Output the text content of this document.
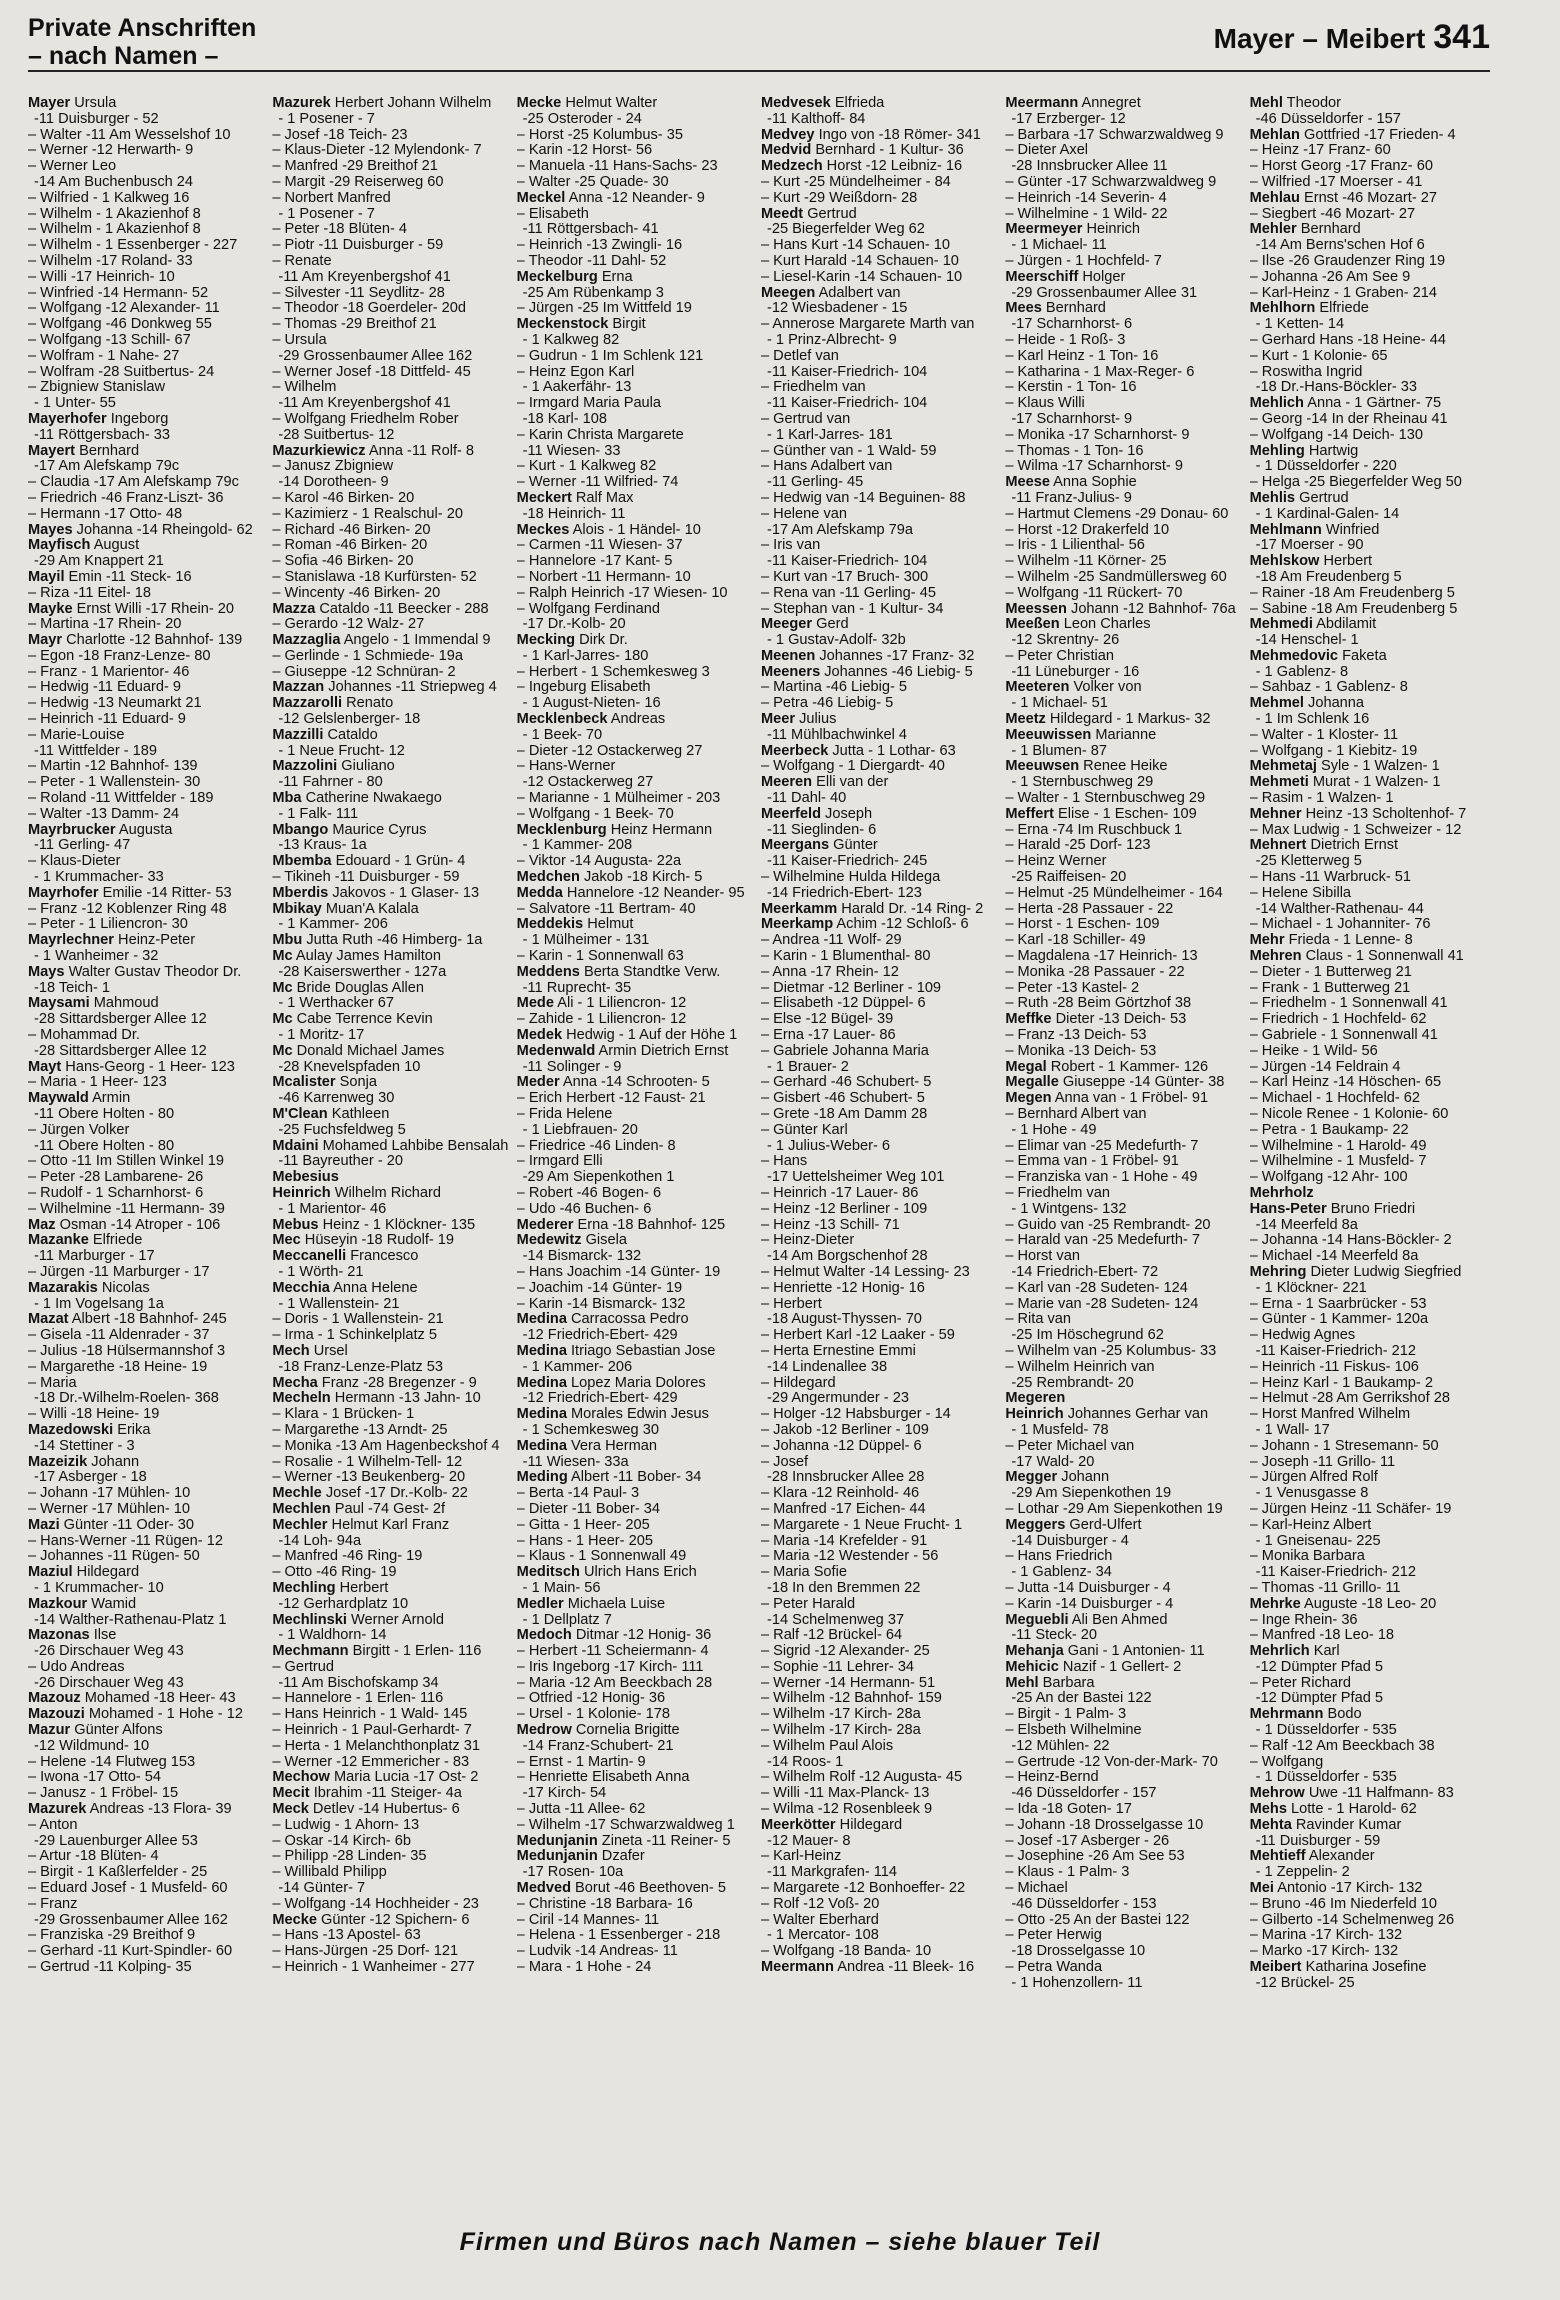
Private Anschriften
– nach Namen –
Mayer – Meibert 341
Mayer Ursula
-11 Duisburger - 52
– Walter -11 Am Wesselshof 10
– Werner -12 Herwarth- 9
– Werner Leo
-14 Am Buchenbusch 24
– Wilfried - 1 Kalkweg 16
– Wilhelm - 1 Akazienhof 8
– Wilhelm - 1 Akazienhof 8
– Wilhelm - 1 Essenberger - 227
– Wilhelm -17 Roland- 33
– Willi -17 Heinrich- 10
– Winfried -14 Hermann- 52
– Wolfgang -12 Alexander- 11
– Wolfgang -46 Donkweg 55
– Wolfgang -13 Schill- 67
– Wolfram - 1 Nahe- 27
– Wolfram -28 Suitbertus- 24
– Zbigniew Stanislaw
- 1 Unter- 55
Mayerhofer Ingeborg
-11 Röttgersbach- 33
Mayert Bernhard
-17 Am Alefskamp 79c
– Claudia -17 Am Alefskamp 79c
– Friedrich -46 Franz-Liszt- 36
– Hermann -17 Otto- 48
Mayes Johanna -14 Rheingold- 62
Mayfisch August
-29 Am Knappert 21
Mayil Emin -11 Steck- 16
– Riza -11 Eitel- 18
Mayke Ernst Willi -17 Rhein- 20
– Martina -17 Rhein- 20
Mayr Charlotte -12 Bahnhof- 139
– Egon -18 Franz-Lenze- 80
– Franz - 1 Marientor- 46
– Hedwig -11 Eduard- 9
– Hedwig -13 Neumarkt 21
– Heinrich -11 Eduard- 9
– Marie-Louise
-11 Wittfelder - 189
– Martin -12 Bahnhof- 139
– Peter - 1 Wallenstein- 30
– Roland -11 Wittfelder - 189
– Walter -13 Damm- 24
Mayrbrucker Augusta
-11 Gerling- 47
– Klaus-Dieter
- 1 Krummacher- 33
Mayrhofer Emilie -14 Ritter- 53
– Franz -12 Koblenzer Ring 48
– Peter - 1 Liliencron- 30
Mayrlechner Heinz-Peter
- 1 Wanheimer - 32
Mays Walter Gustav Theodor Dr.
-18 Teich- 1
Maysami Mahmoud
-28 Sittardsberger Allee 12
– Mohammad Dr.
-28 Sittardsberger Allee 12
Mayt Hans-Georg - 1 Heer- 123
– Maria - 1 Heer- 123
Maywald Armin
-11 Obere Holten - 80
– Jürgen Volker
-11 Obere Holten - 80
– Otto -11 Im Stillen Winkel 19
– Peter -28 Lambarene- 26
– Rudolf - 1 Scharnhorst- 6
– Wilhelmine -11 Hermann- 39
Maz Osman -14 Atroper - 106
Mazanke Elfriede
-11 Marburger - 17
– Jürgen -11 Marburger - 17
Mazarakis Nicolas
- 1 Im Vogelsang 1a
Mazat Albert -18 Bahnhof- 245
– Gisela -11 Aldenrader - 37
– Julius -18 Hülsermannshof 3
– Margarethe -18 Heine- 19
– Maria
-18 Dr.-Wilhelm-Roelen- 368
– Willi -18 Heine- 19
Mazedowski Erika
-14 Stettiner - 3
Mazeizik Johann
-17 Asberger - 18
– Johann -17 Mühlen- 10
– Werner -17 Mühlen- 10
Mazi Günter -11 Oder- 30
– Hans-Werner -11 Rügen- 12
– Johannes -11 Rügen- 50
Maziul Hildegard
- 1 Krummacher- 10
Mazkour Wamid
-14 Walther-Rathenau-Platz 1
Mazonas Ilse
-26 Dirschauer Weg 43
– Udo Andreas
-26 Dirschauer Weg 43
Mazouz Mohamed -18 Heer- 43
Mazouzi Mohamed - 1 Hohe - 12
Mazur Günter Alfons
-12 Wildmund- 10
– Helene -14 Flutweg 153
– Iwona -17 Otto- 54
– Janusz - 1 Fröbel- 15
Mazurek Andreas -13 Flora- 39
– Anton
-29 Lauenburger Allee 53
– Artur -18 Blüten- 4
– Birgit - 1 Kaßlerfelder - 25
– Eduard Josef - 1 Musfeld- 60
– Franz
-29 Grossenbaumer Allee 162
– Franziska -29 Breithof 9
– Gerhard -11 Kurt-Spindler- 60
– Gertrud -11 Kolping- 35
Mazurek Herbert Johann Wilhelm
- 1 Posener - 7
– Josef -18 Teich- 23
– Klaus-Dieter -12 Mylendonk- 7
– Manfred -29 Breithof 21
– Margit -29 Reiserweg 60
– Norbert Manfred
- 1 Posener - 7
– Peter -18 Blüten- 4
– Piotr -11 Duisburger - 59
– Renate
-11 Am Kreyenbergshof 41
– Silvester -11 Seydlitz- 28
– Theodor -18 Goerdeler- 20d
– Thomas -29 Breithof 21
– Ursula
-29 Grossenbaumer Allee 162
– Werner Josef -18 Dittfeld- 45
– Wilhelm
-11 Am Kreyenbergshof 41
– Wolfgang Friedhelm Rober
-28 Suitbertus- 12
Mazurkiewicz Anna -11 Rolf- 8
– Janusz Zbigniew
-14 Dorotheen- 9
– Karol -46 Birken- 20
– Kazimierz - 1 Realschul- 20
– Richard -46 Birken- 20
– Roman -46 Birken- 20
– Sofia -46 Birken- 20
– Stanislawa -18 Kurfürsten- 52
– Wincenty -46 Birken- 20
Mazza Cataldo -11 Beecker - 288
– Gerardo -12 Walz- 27
Mazzaglia Angelo - 1 Immendal 9
– Gerlinde - 1 Schmiede- 19a
– Giuseppe -12 Schnüran- 2
Mazzan Johannes -11 Striepweg 4
Mazzarolli Renato
-12 Gelslenberger- 18
Mazzilli Cataldo
- 1 Neue Frucht- 12
Mazzolini Giuliano
-11 Fahrner - 80
Mba Catherine Nwakaego
- 1 Falk- 111
Mbango Maurice Cyrus
-13 Kraus- 1a
Mbemba Edouard - 1 Grün- 4
– Tikineh -11 Duisburger - 59
Mberdis Jakovos - 1 Glaser- 13
Mbikay Muan'A Kalala
- 1 Kammer- 206
Mbu Jutta Ruth -46 Himberg- 1a
Mc Aulay James Hamilton
-28 Kaiserswerther - 127a
Mc Bride Douglas Allen
- 1 Werthacker 67
Mc Cabe Terrence Kevin
- 1 Moritz- 17
Mc Donald Michael James
-28 Knevelspfaden 10
Mcalister Sonja
-46 Karrenweg 30
M'Clean Kathleen
-25 Fuchsfeldweg 5
Mdaini Mohamed Lahbibe Bensalah
-11 Bayreuther - 20
Mebesius
Heinrich Wilhelm Richard
- 1 Marientor- 46
Mebus Heinz - 1 Klöckner- 135
Mec Hüseyin -18 Rudolf- 19
Meccanelli Francesco
- 1 Wörth- 21
Mecchia Anna Helene
- 1 Wallenstein- 21
– Doris - 1 Wallenstein- 21
– Irma - 1 Schinkelplatz 5
Mech Ursel
-18 Franz-Lenze-Platz 53
Mecha Franz -28 Bregenzer - 9
Mecheln Hermann -13 Jahn- 10
– Klara - 1 Brücken- 1
– Margarethe -13 Arndt- 25
– Monika -13 Am Hagenbeckshof 4
– Rosalie - 1 Wilhelm-Tell- 12
– Werner -13 Beukenberg- 20
Mechle Josef -17 Dr.-Kolb- 22
Mechlen Paul -74 Gest- 2f
Mechler Helmut Karl Franz
-14 Loh- 94a
– Manfred -46 Ring- 19
– Otto -46 Ring- 19
Mechling Herbert
-12 Gerhardplatz 10
Mechlinski Werner Arnold
- 1 Waldhorn- 14
Mechmann Birgitt - 1 Erlen- 116
– Gertrud
-11 Am Bischofskamp 34
– Hannelore - 1 Erlen- 116
– Hans Heinrich - 1 Wald- 145
– Heinrich - 1 Paul-Gerhardt- 7
– Herta - 1 Melanchthonplatz 31
– Werner -12 Emmericher - 83
Mechow Maria Lucia -17 Ost- 2
Mecit Ibrahim -11 Steiger- 4a
Meck Detlev -14 Hubertus- 6
– Ludwig - 1 Ahorn- 13
– Oskar -14 Kirch- 6b
– Philipp -28 Linden- 35
– Willibald Philipp
-14 Günter- 7
– Wolfgang -14 Hochheider - 23
Mecke Günter -12 Spichern- 6
– Hans -13 Apostel- 63
– Hans-Jürgen -25 Dorf- 121
– Heinrich - 1 Wanheimer - 277
Mecke Helmut Walter
-25 Osteroder - 24
– Horst -25 Kolumbus- 35
– Karin -12 Horst- 56
– Manuela -11 Hans-Sachs- 23
– Walter -25 Quade- 30
Meckel Anna -12 Neander- 9
– Elisabeth
-11 Röttgersbach- 41
– Heinrich -13 Zwingli- 16
– Theodor -11 Dahl- 52
Meckelburg Erna
-25 Am Rübenkamp 3
– Jürgen -25 Im Wittfeld 19
Meckenstock Birgit
- 1 Kalkweg 82
– Gudrun - 1 Im Schlenk 121
– Heinz Egon Karl
- 1 Aakerfähr- 13
– Irmgard Maria Paula
-18 Karl- 108
– Karin Christa Margarete
-11 Wiesen- 33
– Kurt - 1 Kalkweg 82
– Werner -11 Wilfried- 74
Meckert Ralf Max
-18 Heinrich- 11
Meckes Alois - 1 Händel- 10
– Carmen -11 Wiesen- 37
– Hannelore -17 Kant- 5
– Norbert -11 Hermann- 10
– Ralph Heinrich -17 Wiesen- 10
– Wolfgang Ferdinand
-17 Dr.-Kolb- 20
Mecking Dirk Dr.
- 1 Karl-Jarres- 180
– Herbert - 1 Schemkesweg 3
– Ingeburg Elisabeth
- 1 August-Nieten- 16
Mecklenbeck Andreas
- 1 Beek- 70
– Dieter -12 Ostackerweg 27
– Hans-Werner
-12 Ostackerweg 27
– Marianne - 1 Mülheimer - 203
– Wolfgang - 1 Beek- 70
Mecklenburg Heinz Hermann
- 1 Kammer- 208
– Viktor -14 Augusta- 22a
Medchen Jakob -18 Kirch- 5
Medda Hannelore -12 Neander- 95
– Salvatore -11 Bertram- 40
Meddekis Helmut
- 1 Mülheimer - 131
– Karin - 1 Sonnenwall 63
Meddens Berta Standtke Verw.
-11 Ruprecht- 35
Mede Ali - 1 Liliencron- 12
– Zahide - 1 Liliencron- 12
Medek Hedwig - 1 Auf der Höhe 1
Medenwald Armin Dietrich Ernst
-11 Solinger - 9
Meder Anna -14 Schrooten- 5
– Erich Herbert -12 Faust- 21
– Frida Helene
- 1 Liebfrauen- 20
– Friedrice -46 Linden- 8
– Irmgard Elli
-29 Am Siepenkothen 1
– Robert -46 Bogen- 6
– Udo -46 Buchen- 6
Mederer Erna -18 Bahnhof- 125
Medewitz Gisela
-14 Bismarck- 132
– Hans Joachim -14 Günter- 19
– Joachim -14 Günter- 19
– Karin -14 Bismarck- 132
Medina Carracossa Pedro
-12 Friedrich-Ebert- 429
Medina Itriago Sebastian Jose
- 1 Kammer- 206
Medina Lopez Maria Dolores
-12 Friedrich-Ebert- 429
Medina Morales Edwin Jesus
- 1 Schemkesweg 30
Medina Vera Herman
-11 Wiesen- 33a
Meding Albert -11 Bober- 34
– Berta -14 Paul- 3
– Dieter -11 Bober- 34
– Gitta - 1 Heer- 205
– Hans - 1 Heer- 205
– Klaus - 1 Sonnenwall 49
Meditsch Ulrich Hans Erich
- 1 Main- 56
Medler Michaela Luise
- 1 Dellplatz 7
Medoch Ditmar -12 Honig- 36
– Herbert -11 Scheiermann- 4
– Iris Ingeborg -17 Kirch- 111
– Maria -12 Am Beeckbach 28
– Otfried -12 Honig- 36
– Ursel - 1 Kolonie- 178
Medrow Cornelia Brigitte
-14 Franz-Schubert- 21
– Ernst - 1 Martin- 9
– Henriette Elisabeth Anna
-17 Kirch- 54
– Jutta -11 Allee- 62
– Wilhelm -17 Schwarzwaldweg 1
Medunjanin Zineta -11 Reiner- 5
Medunjanin Dzafer
-17 Rosen- 10a
Medved Borut -46 Beethoven- 5
– Christine -18 Barbara- 16
– Ciril -14 Mannes- 11
– Helena - 1 Essenberger - 218
– Ludvik -14 Andreas- 11
– Mara - 1 Hohe - 24
Medvesek Elfrieda
-11 Kalthoff- 84
Medvey Ingo von -18 Römer- 341
Medvid Bernhard - 1 Kultur- 36
Medzech Horst -12 Leibniz- 16
– Kurt -25 Mündelheimer - 84
– Kurt -29 Weißdorn- 28
Meedt Gertrud
-25 Biegerfelder Weg 62
– Hans Kurt -14 Schauen- 10
– Kurt Harald -14 Schauen- 10
– Liesel-Karin -14 Schauen- 10
Meegen Adalbert van
-12 Wiesbadener - 15
– Annerose Margarete Marth van
- 1 Prinz-Albrecht- 9
– Detlef van
-11 Kaiser-Friedrich- 104
– Friedhelm van
-11 Kaiser-Friedrich- 104
– Gertrud van
- 1 Karl-Jarres- 181
– Günther van - 1 Wald- 59
– Hans Adalbert van
-11 Gerling- 45
– Hedwig van -14 Beguinen- 88
– Helene van
-17 Am Alefskamp 79a
– Iris van
-11 Kaiser-Friedrich- 104
– Kurt van -17 Bruch- 300
– Rena van -11 Gerling- 45
– Stephan van - 1 Kultur- 34
Meeger Gerd
- 1 Gustav-Adolf- 32b
Meenen Johannes -17 Franz- 32
Meeners Johannes -46 Liebig- 5
– Martina -46 Liebig- 5
– Petra -46 Liebig- 5
Meer Julius
-11 Mühlbachwinkel 4
Meerbeck Jutta - 1 Lothar- 63
– Wolfgang - 1 Diergardt- 40
Meeren Elli van der
-11 Dahl- 40
Meerfeld Joseph
-11 Sieglinden- 6
Meergans Günter
-11 Kaiser-Friedrich- 245
– Wilhelmine Hulda Hildega
-14 Friedrich-Ebert- 123
Meerkamm Harald Dr. -14 Ring- 2
Meerkamp Achim -12 Schloß- 6
– Andrea -11 Wolf- 29
– Karin - 1 Blumenthal- 80
– Anna -17 Rhein- 12
– Dietmar -12 Berliner - 109
– Elisabeth -12 Düppel- 6
– Else -12 Bügel- 39
– Erna -17 Lauer- 86
– Gabriele Johanna Maria
- 1 Brauer- 2
– Gerhard -46 Schubert- 5
– Gisbert -46 Schubert- 5
– Grete -18 Am Damm 28
– Günter Karl
- 1 Julius-Weber- 6
– Hans
-17 Uettelsheimer Weg 101
– Heinrich -17 Lauer- 86
– Heinz -12 Berliner - 109
– Heinz -13 Schill- 71
– Heinz-Dieter
-14 Am Borgschenhof 28
– Helmut Walter -14 Lessing- 23
– Henriette -12 Honig- 16
– Herbert
-18 August-Thyssen- 70
– Herbert Karl -12 Laaker - 59
– Herta Ernestine Emmi
-14 Lindenallee 38
– Hildegard
-29 Angermunder - 23
– Holger -12 Habsburger - 14
– Jakob -12 Berliner - 109
– Johanna -12 Düppel- 6
– Josef
-28 Innsbrucker Allee 28
– Klara -12 Reinhold- 46
– Manfred -17 Eichen- 44
– Margarete - 1 Neue Frucht- 1
– Maria -14 Krefelder - 91
– Maria -12 Westender - 56
– Maria Sofie
-18 In den Bremmen 22
– Peter Harald
-14 Schelmenweg 37
– Ralf -12 Brückel- 64
– Sigrid -12 Alexander- 25
– Sophie -11 Lehrer- 34
– Werner -14 Hermann- 51
– Wilhelm -12 Bahnhof- 159
– Wilhelm -17 Kirch- 28a
– Wilhelm -17 Kirch- 28a
– Wilhelm Paul Alois
-14 Roos- 1
– Wilhelm Rolf -12 Augusta- 45
– Willi -11 Max-Planck- 13
– Wilma -12 Rosenbleek 9
Meerkötter Hildegard
-12 Mauer- 8
– Karl-Heinz
-11 Markgrafen- 114
– Margarete -12 Bonhoeffer- 22
– Rolf -12 Voß- 20
– Walter Eberhard
- 1 Mercator- 108
– Wolfgang -18 Banda- 10
Meermann Andrea -11 Bleek- 16
Meermann Annegret
-17 Erzberger- 12
– Barbara -17 Schwarzwaldweg 9
– Dieter Axel
-28 Innsbrucker Allee 11
– Günter -17 Schwarzwaldweg 9
– Heinrich -14 Severin- 4
– Wilhelmine - 1 Wild- 22
Meermeyer Heinrich
- 1 Michael- 11
– Jürgen - 1 Hochfeld- 7
Meerschiff Holger
-29 Grossenbaumer Allee 31
Mees Bernhard
-17 Scharnhorst- 6
– Heide - 1 Roß- 3
– Karl Heinz - 1 Ton- 16
– Katharina - 1 Max-Reger- 6
– Kerstin - 1 Ton- 16
– Klaus Willi
-17 Scharnhorst- 9
– Monika -17 Scharnhorst- 9
– Thomas - 1 Ton- 16
– Wilma -17 Scharnhorst- 9
Meese Anna Sophie
-11 Franz-Julius- 9
– Hartmut Clemens -29 Donau- 60
– Horst -12 Drakerfeld 10
– Iris - 1 Lilienthal- 56
– Wilhelm -11 Körner- 25
– Wilhelm -25 Sandmüllersweg 60
– Wolfgang -11 Rückert- 70
Meessen Johann -12 Bahnhof- 76a
Meeßen Leon Charles
-12 Skrentny- 26
– Peter Christian
-11 Lüneburger - 16
Meeteren Volker von
- 1 Michael- 51
Meetz Hildegard - 1 Markus- 32
Meeuwissen Marianne
- 1 Blumen- 87
Meeuwsen Renee Heike
- 1 Sternbuschweg 29
– Walter - 1 Sternbuschweg 29
Meffert Elise - 1 Eschen- 109
– Erna -74 Im Ruschbuck 1
– Harald -25 Dorf- 123
– Heinz Werner
-25 Raiffeisen- 20
– Helmut -25 Mündelheimer - 164
– Herta -28 Passauer - 22
– Horst - 1 Eschen- 109
– Karl -18 Schiller- 49
– Magdalena -17 Heinrich- 13
– Monika -28 Passauer - 22
– Peter -13 Kastel- 2
– Ruth -28 Beim Görtzhof 38
Meffke Dieter -13 Deich- 53
– Franz -13 Deich- 53
– Monika -13 Deich- 53
Megal Robert - 1 Kammer- 126
Megalle Giuseppe -14 Günter- 38
Megen Anna van - 1 Fröbel- 91
– Bernhard Albert van
- 1 Hohe - 49
– Elimar van -25 Medefurth- 7
– Emma van - 1 Fröbel- 91
– Franziska van - 1 Hohe - 49
– Friedhelm van
- 1 Wintgens- 132
– Guido van -25 Rembrandt- 20
– Harald van -25 Medefurth- 7
– Horst van
-14 Friedrich-Ebert- 72
– Karl van -28 Sudeten- 124
– Marie van -28 Sudeten- 124
– Rita van
-25 Im Höschegrund 62
– Wilhelm van -25 Kolumbus- 33
– Wilhelm Heinrich van
-25 Rembrandt- 20
Megeren
Heinrich Johannes Gerhar van
- 1 Musfeld- 78
– Peter Michael van
-17 Wald- 20
Megger Johann
-29 Am Siepenkothen 19
– Lothar -29 Am Siepenkothen 19
Meggers Gerd-Ulfert
-14 Duisburger - 4
– Hans Friedrich
- 1 Gablenz- 34
– Jutta -14 Duisburger - 4
– Karin -14 Duisburger - 4
Meguebli Ali Ben Ahmed
-11 Steck- 20
Mehanja Gani - 1 Antonien- 11
Mehicic Nazif - 1 Gellert- 2
Mehl Barbara
-25 An der Bastei 122
– Birgit - 1 Palm- 3
– Elsbeth Wilhelmine
-12 Mühlen- 22
– Gertrude -12 Von-der-Mark- 70
– Heinz-Bernd
-46 Düsseldorfer - 157
– Ida -18 Goten- 17
– Johann -18 Drosselgasse 10
– Josef -17 Asberger - 26
– Josephine -26 Am See 53
– Klaus - 1 Palm- 3
– Michael
-46 Düsseldorfer - 153
– Otto -25 An der Bastei 122
– Peter Herwig
-18 Drosselgasse 10
– Petra Wanda
- 1 Hohenzollern- 11
Mehl Theodor
-46 Düsseldorfer - 157
Mehlan Gottfried -17 Frieden- 4
– Heinz -17 Franz- 60
– Horst Georg -17 Franz- 60
– Wilfried -17 Moerser - 41
Mehlau Ernst -46 Mozart- 27
– Siegbert -46 Mozart- 27
Mehler Bernhard
-14 Am Berns'schen Hof 6
– Ilse -26 Graudenzer Ring 19
– Johanna -26 Am See 9
– Karl-Heinz - 1 Graben- 214
Mehlhorn Elfriede
- 1 Ketten- 14
– Gerhard Hans -18 Heine- 44
– Kurt - 1 Kolonie- 65
– Roswitha Ingrid
-18 Dr.-Hans-Böckler- 33
Mehlich Anna - 1 Gärtner- 75
– Georg -14 In der Rheinau 41
– Wolfgang -14 Deich- 130
Mehling Hartwig
- 1 Düsseldorfer - 220
– Helga -25 Biegerfelder Weg 50
Mehlis Gertrud
- 1 Kardinal-Galen- 14
Mehlmann Winfried
-17 Moerser - 90
Mehlskow Herbert
-18 Am Freudenberg 5
– Rainer -18 Am Freudenberg 5
– Sabine -18 Am Freudenberg 5
Mehmedi Abdilamit
-14 Henschel- 1
Mehmedovic Faketa
- 1 Gablenz- 8
– Sahbaz - 1 Gablenz- 8
Mehmel Johanna
- 1 Im Schlenk 16
– Walter - 1 Kloster- 11
– Wolfgang - 1 Kiebitz- 19
Mehmetaj Syle - 1 Walzen- 1
Mehmeti Murat - 1 Walzen- 1
– Rasim - 1 Walzen- 1
Mehner Heinz -13 Scholtenhof- 7
– Max Ludwig - 1 Schweizer - 12
Mehnert Dietrich Ernst
-25 Kletterweg 5
– Hans -11 Warbruck- 51
– Helene Sibilla
-14 Walther-Rathenau- 44
– Michael - 1 Johanniter- 76
Mehr Frieda - 1 Lenne- 8
Mehren Claus - 1 Sonnenwall 41
– Dieter - 1 Butterweg 21
– Frank - 1 Butterweg 21
– Friedhelm - 1 Sonnenwall 41
– Friedrich - 1 Hochfeld- 62
– Gabriele - 1 Sonnenwall 41
– Heike - 1 Wild- 56
– Jürgen -14 Feldrain 4
– Karl Heinz -14 Höschen- 65
– Michael - 1 Hochfeld- 62
– Nicole Renee - 1 Kolonie- 60
– Petra - 1 Baukamp- 22
– Wilhelmine - 1 Harold- 49
– Wilhelmine - 1 Musfeld- 7
– Wolfgang -12 Ahr- 100
Mehrholz
Hans-Peter Bruno Friedri
-14 Meerfeld 8a
– Johanna -14 Hans-Böckler- 2
– Michael -14 Meerfeld 8a
Mehring Dieter Ludwig Siegfried
- 1 Klöckner- 221
– Erna - 1 Saarbrücker - 53
– Günter - 1 Kammer- 120a
– Hedwig Agnes
-11 Kaiser-Friedrich- 212
– Heinrich -11 Fiskus- 106
– Heinz Karl - 1 Baukamp- 2
– Helmut -28 Am Gerrikshof 28
– Horst Manfred Wilhelm
- 1 Wall- 17
– Johann - 1 Stresemann- 50
– Joseph -11 Grillo- 11
– Jürgen Alfred Rolf
- 1 Venusgasse 8
– Jürgen Heinz -11 Schäfer- 19
– Karl-Heinz Albert
- 1 Gneisenau- 225
– Monika Barbara
-11 Kaiser-Friedrich- 212
– Thomas -11 Grillo- 11
Mehrke Auguste -18 Leo- 20
– Inge Rhein- 36
– Manfred -18 Leo- 18
Mehrlich Karl
-12 Dümpter Pfad 5
– Peter Richard
-12 Dümpter Pfad 5
Mehrmann Bodo
- 1 Düsseldorfer - 535
– Ralf -12 Am Beeckbach 38
– Wolfgang
- 1 Düsseldorfer - 535
Mehrow Uwe -11 Halfmann- 83
Mehs Lotte - 1 Harold- 62
Mehta Ravinder Kumar
-11 Duisburger - 59
Mehtieff Alexander
- 1 Zeppelin- 2
Mei Antonio -17 Kirch- 132
– Bruno -46 Im Niederfeld 10
– Gilberto -14 Schelmenweg 26
– Marina -17 Kirch- 132
– Marko -17 Kirch- 132
Meibert Katharina Josefine
-12 Brückel- 25
Firmen und Büros nach Namen – siehe blauer Teil
